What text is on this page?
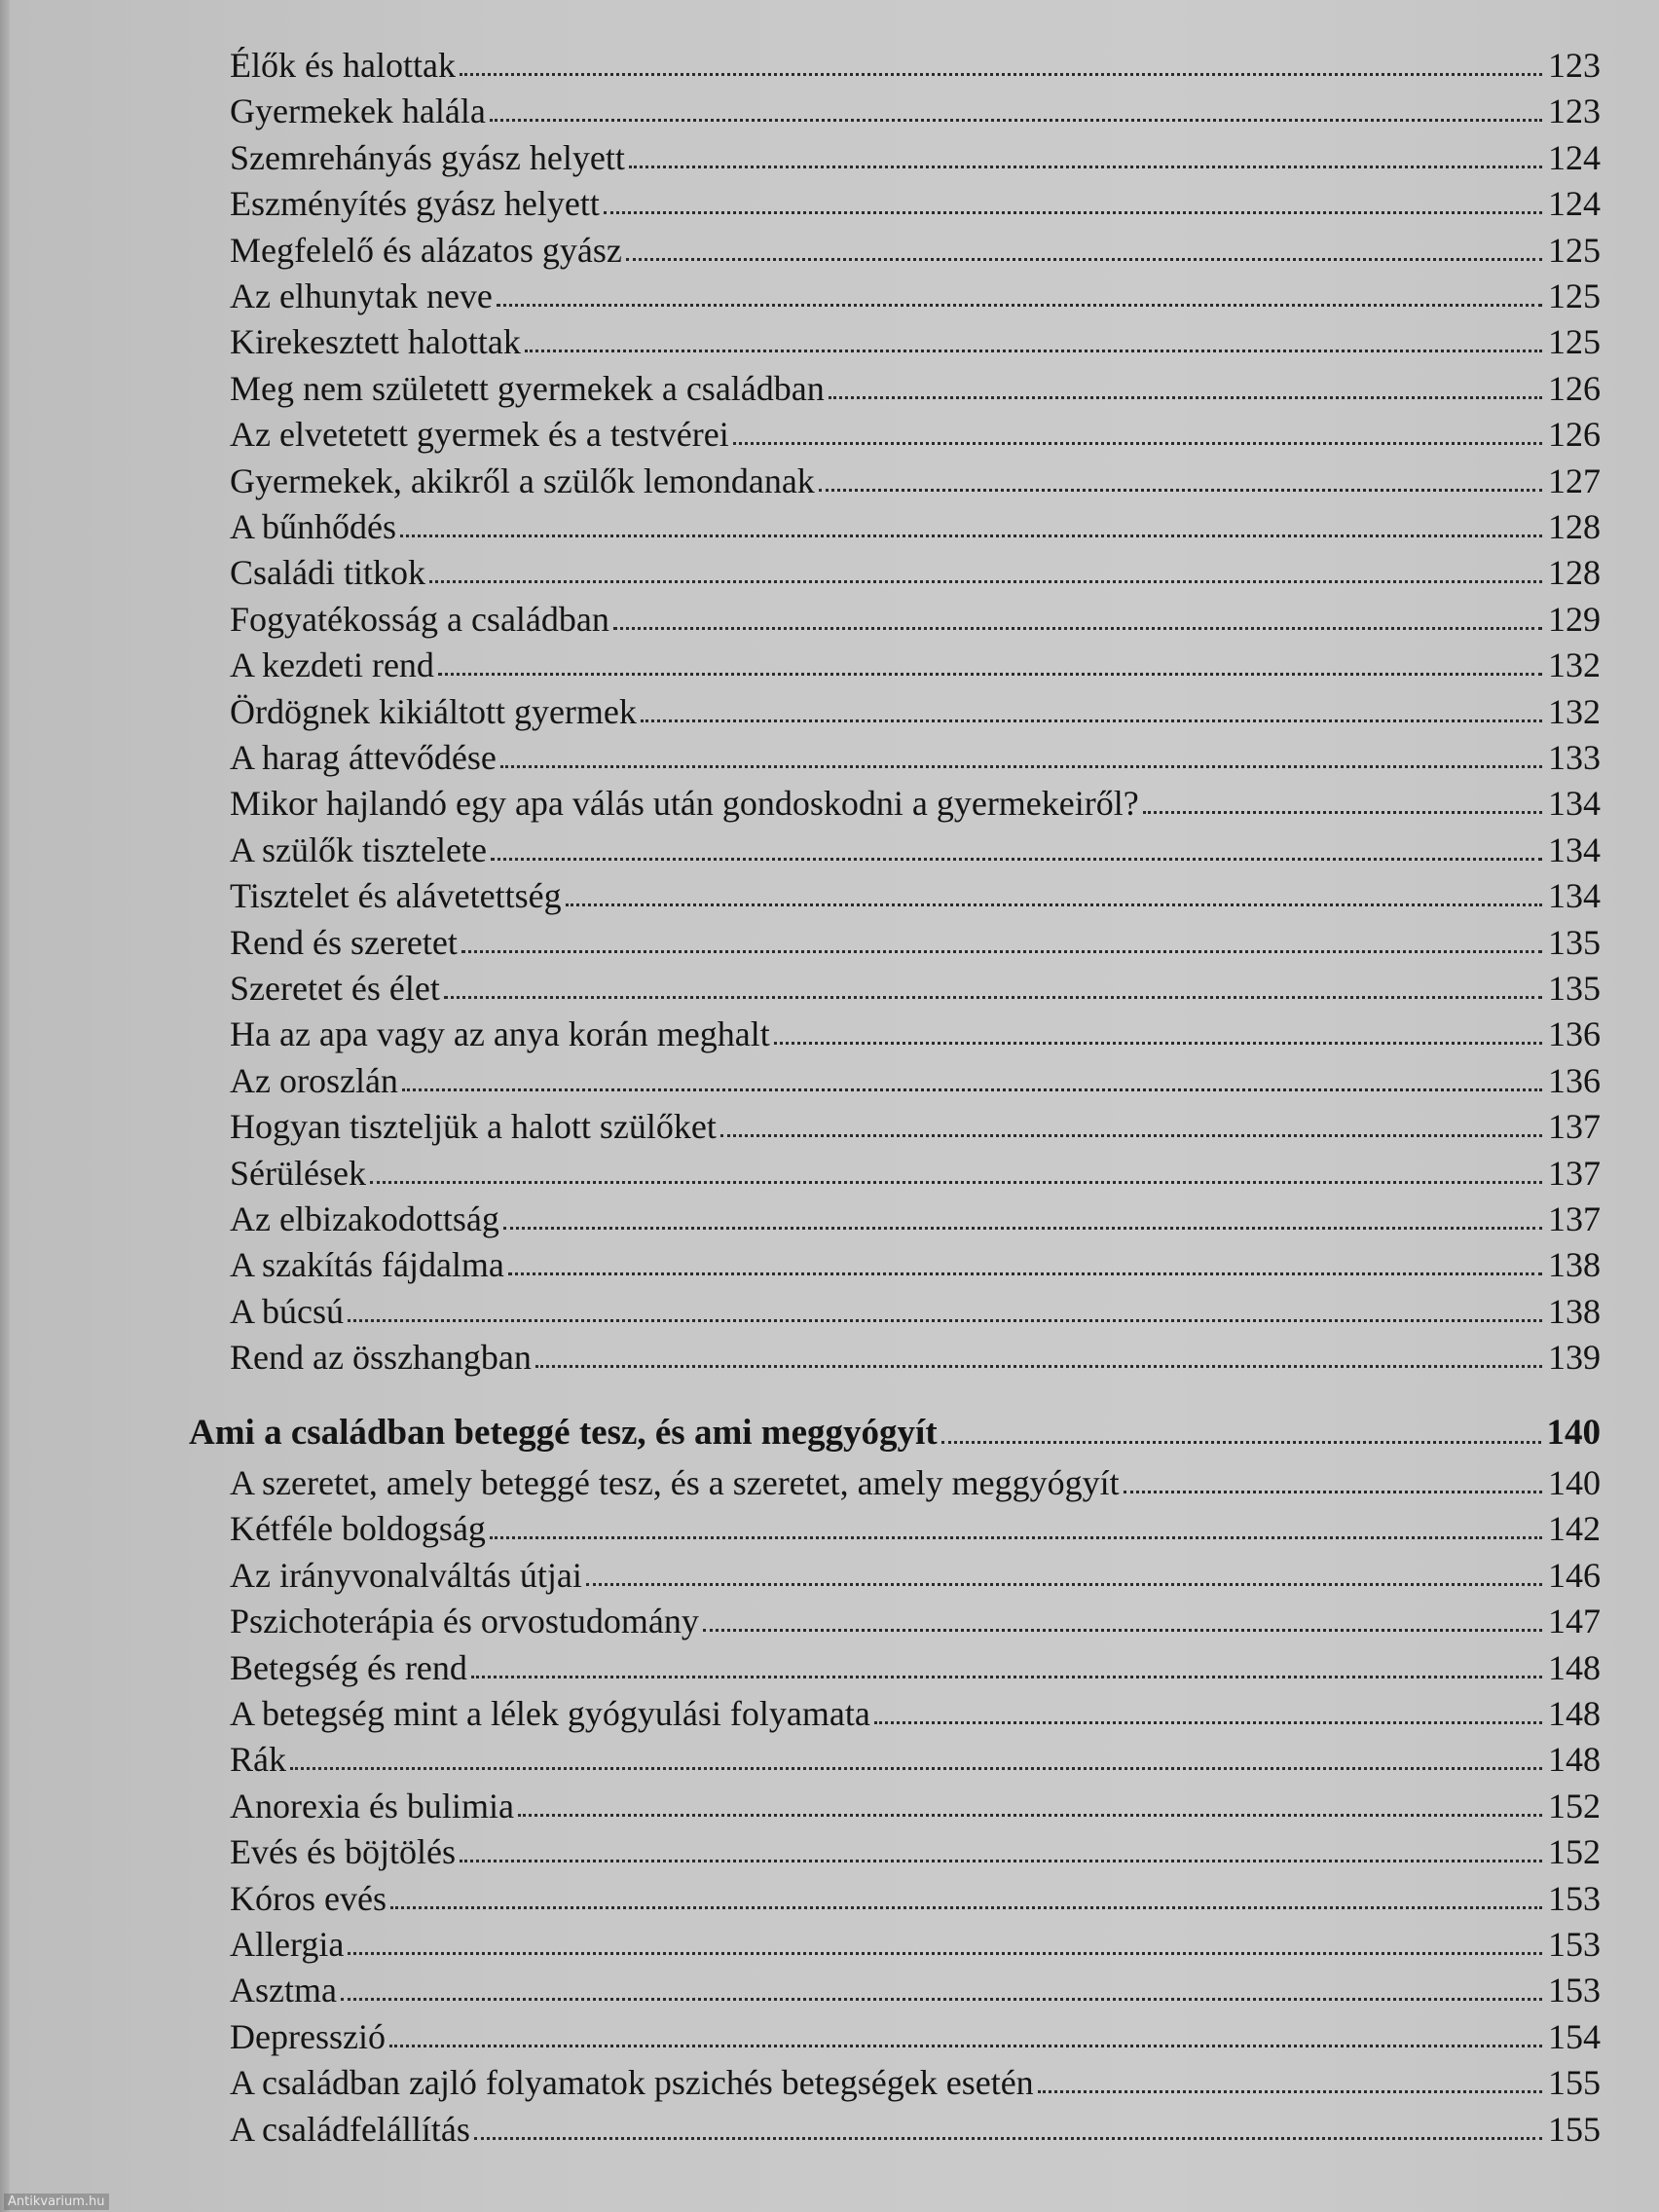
Élők és halottak	123
Gyermekek halála	123
Szemrehányás gyász helyett	124
Eszményítés gyász helyett	124
Megfelelő és alázatos gyász	125
Az elhunytak neve	125
Kirekesztett halottak	125
Meg nem született gyermekek a családban	126
Az elvetetett gyermek és a testvérei	126
Gyermekek, akikről a szülők lemondanak	127
A bűnhődés	128
Családi titkok	128
Fogyatékosság a családban	129
A kezdeti rend	132
Ördögnek kikiáltott gyermek	132
A harag áttevődése	133
Mikor hajlandó egy apa válás után gondoskodni a gyermekeiről?	134
A szülők tisztelete	134
Tisztelet és alávetettség	134
Rend és szeretet	135
Szeretet és élet	135
Ha az apa vagy az anya korán meghalt	136
Az oroszlán	136
Hogyan tiszteljük a halott szülőket	137
Sérülések	137
Az elbizakodottság	137
A szakítás fájdalma	138
A búcsú	138
Rend az összhangban	139
Ami a családban beteggé tesz, és ami meggyógyít	140
A szeretet, amely beteggé tesz, és a szeretet, amely meggyógyít	140
Kétféle boldogság	142
Az irányvonalváltás útjai	146
Pszichoterápia és orvostudomány	147
Betegség és rend	148
A betegség mint a lélek gyógyulási folyamata	148
Rák	148
Anorexia és bulimia	152
Evés és böjtölés	152
Kóros evés	153
Allergia	153
Asztma	153
Depresszió	154
A családban zajló folyamatok pszichés betegségek esetén	155
A családfelállítás	155
Antikvarium.hu
